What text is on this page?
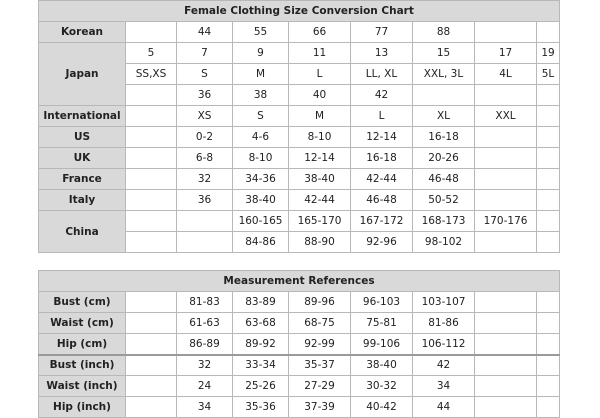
Female Clothing Size Conversion Chart								
Korean		44	55	66	77	88		
Japan	5	7	9	11	13	15	17	19
	SS,XS	S	M	L	LL, XL	XXL, 3L	4L	5L
		36	38	40	42			
International		XS	S	M	L	XL	XXL	
US		0-2	4-6	8-10	12-14	16-18		
UK		6-8	8-10	12-14	16-18	20-26		
France		32	34-36	38-40	42-44	46-48		
Italy		36	38-40	42-44	46-48	50-52		
China			160-165	165-170	167-172	168-173	170-176	
			84-86	88-90	92-96	98-102		
Measurement References								
Bust (cm)		81-83	83-89	89-96	96-103	103-107		
Waist (cm)		61-63	63-68	68-75	75-81	81-86		
Hip (cm)		86-89	89-92	92-99	99-106	106-112		
Bust (inch)		32	33-34	35-37	38-40	42		
Waist (inch)		24	25-26	27-29	30-32	34		
Hip (inch)		34	35-36	37-39	40-42	44		
